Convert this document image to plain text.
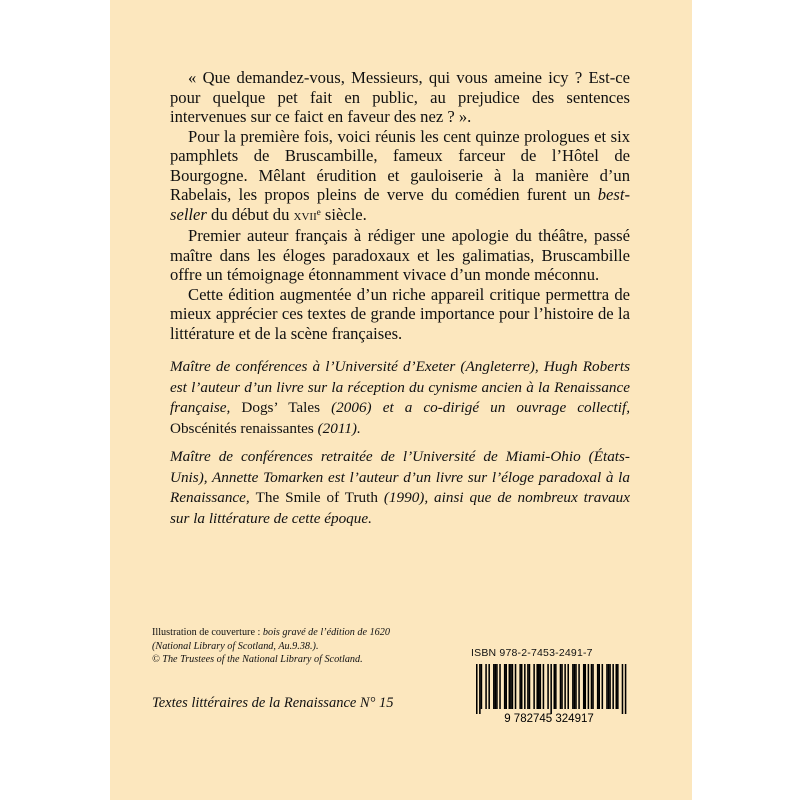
« Que demandez-vous, Messieurs, qui vous ameine icy ? Est-ce pour quelque pet fait en public, au prejudice des sentences intervenues sur ce faict en faveur des nez ? ».

Pour la première fois, voici réunis les cent quinze prologues et six pamphlets de Bruscambille, fameux farceur de l’Hôtel de Bourgogne. Mêlant érudition et gauloiserie à la manière d’un Rabelais, les propos pleins de verve du comédien furent un best-seller du début du xvii$^e$ siècle.

Premier auteur français à rédiger une apologie du théâtre, passé maître dans les éloges paradoxaux et les galimatias, Bruscambille offre un témoignage étonnamment vivace d’un monde méconnu.

Cette édition augmentée d’un riche appareil critique permettra de mieux apprécier ces textes de grande importance pour l’histoire de la littérature et de la scène françaises.

Maître de conférences à l’Université d’Exeter (Angleterre), Hugh Roberts est l’auteur d’un livre sur la réception du cynisme ancien à la Renaissance française, Dogs’ Tales (2006) et a co-dirigé un ouvrage collectif, Obscénités renaissantes (2011).

Maître de conférences retraitée de l’Université de Miami-Ohio (États-Unis), Annette Tomarken est l’auteur d’un livre sur l’éloge paradoxal à la Renaissance, The Smile of Truth (1990), ainsi que de nombreux travaux sur la littérature de cette époque.

Illustration de couverture : bois gravé de l’édition de 1620
(National Library of Scotland, Au.9.38.).
© The Trustees of the National Library of Scotland.
Textes littéraires de la Renaissance N° 15
ISBN 978-2-7453-2491-7
9 782745 324917
